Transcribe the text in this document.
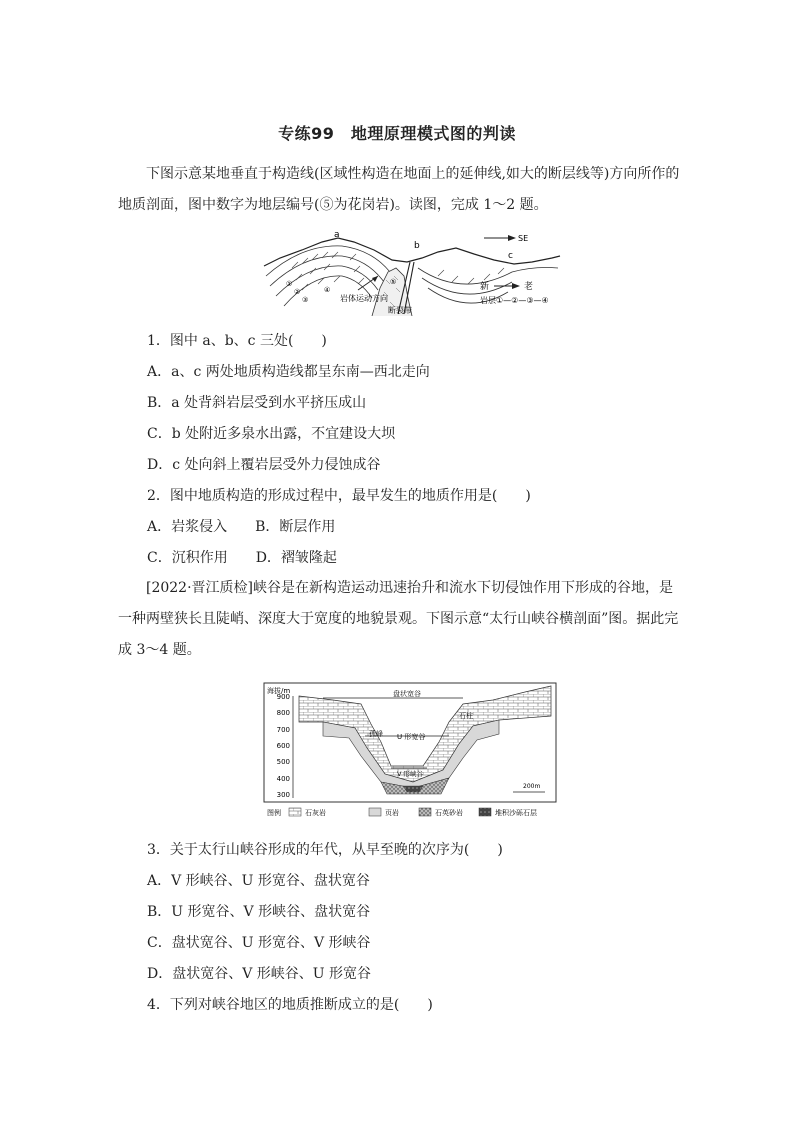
专练99　地理原理模式图的判读

下图示意某地垂直于构造线(区域性构造在地面上的延伸线,如大的断层线等)方向所作的地质剖面，图中数字为地层编号(⑤为花岗岩)。读图，完成 1～2 题。

a
b
c
SE
新	老
岩层①—②—③—④
岩体运动方向
断裂带
①
②
③
④
⑤
1．图中 a、b、c 三处(　　)
A．a、c 两处地质构造线都呈东南—西北走向
B．a 处背斜岩层受到水平挤压成山
C．b 处附近多泉水出露，不宜建设大坝
D．c 处向斜上覆岩层受外力侵蚀成谷
2．图中地质构造的形成过程中，最早发生的地质作用是(　　)
A．岩浆侵入　　B．断层作用
C．沉积作用　　D．褶皱隆起

[2022·晋江质检]峡谷是在新构造运动迅速抬升和流水下切侵蚀作用下形成的谷地，是一种两壁狭长且陡峭、深度大于宽度的地貌景观。下图示意“太行山峡谷横剖面”图。据此完成 3～4 题。

海拔/m
900
800
700
600
500
400
300
盘状宽谷
U 形宽谷
V 形峡谷
石柱
孤峰
200m
图例	石灰岩	页岩	石英砂岩	堆积沙砾石层
3．关于太行山峡谷形成的年代，从早至晚的次序为(　　)
A．V 形峡谷、U 形宽谷、盘状宽谷
B．U 形宽谷、V 形峡谷、盘状宽谷
C．盘状宽谷、U 形宽谷、V 形峡谷
D．盘状宽谷、V 形峡谷、U 形宽谷
4．下列对峡谷地区的地质推断成立的是(　　)
